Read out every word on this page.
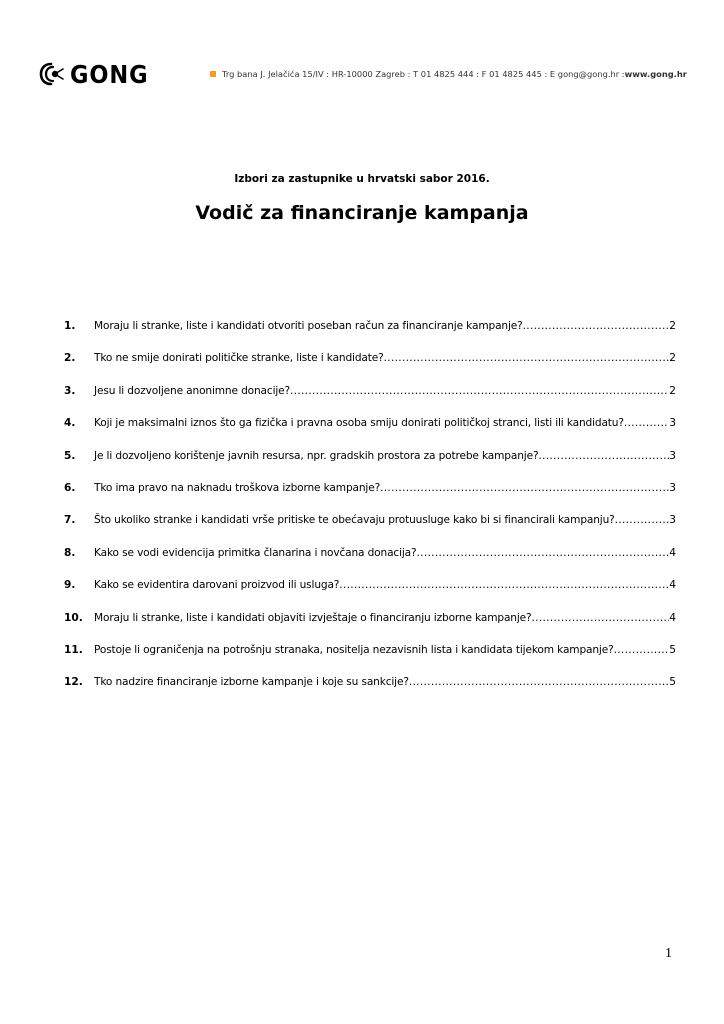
GONG	Trg bana J. Jelačića 15/IV : HR-10000 Zagreb : T 01 4825 444 : F 01 4825 445 : E gong@gong.hr : www.gong.hr
Izbori za zastupnike u hrvatski sabor 2016.
Vodič za financiranje kampanja
1.	Moraju li stranke, liste i kandidati otvoriti poseban račun za financiranje kampanje? .....	2
2.	Tko ne smije donirati političke stranke, liste i kandidate? .....	2
3.	Jesu li dozvoljene anonimne donacije? .....	2
4.	Koji je maksimalni iznos što ga fizička i pravna osoba smiju donirati političkoj stranci, listi ili kandidatu? .....	3
5.	Je li dozvoljeno korištenje javnih resursa, npr. gradskih prostora za potrebe kampanje? .....	3
6.	Tko ima pravo na naknadu troškova izborne kampanje? .....	3
7.	Što ukoliko stranke i kandidati vrše pritiske te obećavaju protuusluge kako bi si financirali kampanju? .....	3
8.	Kako se vodi evidencija primitka članarina i novčana donacija? .....	4
9.	Kako se evidentira darovani proizvod ili usluga? .....	4
10.	Moraju li stranke, liste i kandidati objaviti izvještaje o financiranju izborne kampanje? .....	4
11.	Postoje li ograničenja na potrošnju stranaka, nositelja nezavisnih lista i kandidata tijekom kampanje? .....	5
12.	Tko nadzire financiranje izborne kampanje i koje su sankcije? .....	5
1
